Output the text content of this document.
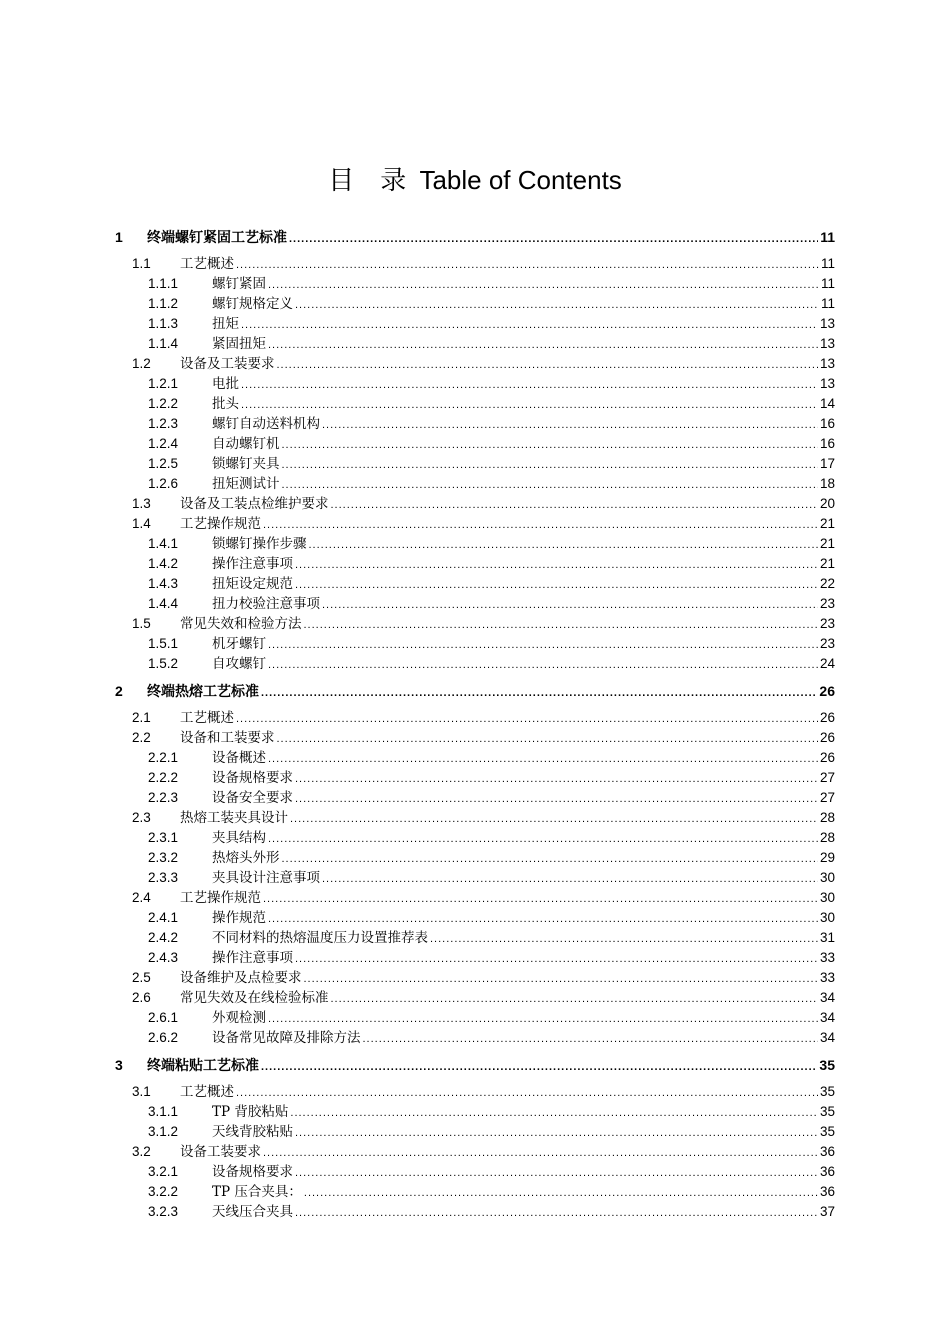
目　录 Table of Contents
1	终端螺钉紧固工艺标准 .....	11
1.1	工艺概述 .....	11
1.1.1	螺钉紧固 .....	11
1.1.2	螺钉规格定义 .....	11
1.1.3	扭矩 .....	13
1.1.4	紧固扭矩 .....	13
1.2	设备及工装要求 .....	13
1.2.1	电批 .....	13
1.2.2	批头 .....	14
1.2.3	螺钉自动送料机构 .....	16
1.2.4	自动螺钉机 .....	16
1.2.5	锁螺钉夹具 .....	17
1.2.6	扭矩测试计 .....	18
1.3	设备及工装点检维护要求 .....	20
1.4	工艺操作规范 .....	21
1.4.1	锁螺钉操作步骤 .....	21
1.4.2	操作注意事项 .....	21
1.4.3	扭矩设定规范 .....	22
1.4.4	扭力校验注意事项 .....	23
1.5	常见失效和检验方法 .....	23
1.5.1	机牙螺钉 .....	23
1.5.2	自攻螺钉 .....	24
2	终端热熔工艺标准 .....	26
2.1	工艺概述 .....	26
2.2	设备和工装要求 .....	26
2.2.1	设备概述 .....	26
2.2.2	设备规格要求 .....	27
2.2.3	设备安全要求 .....	27
2.3	热熔工装夹具设计 .....	28
2.3.1	夹具结构 .....	28
2.3.2	热熔头外形 .....	29
2.3.3	夹具设计注意事项 .....	30
2.4	工艺操作规范 .....	30
2.4.1	操作规范 .....	30
2.4.2	不同材料的热熔温度压力设置推荐表 .....	31
2.4.3	操作注意事项 .....	33
2.5	设备维护及点检要求 .....	33
2.6	常见失效及在线检验标准 .....	34
2.6.1	外观检测 .....	34
2.6.2	设备常见故障及排除方法 .....	34
3	终端粘贴工艺标准 .....	35
3.1	工艺概述 .....	35
3.1.1	TP 背胶粘贴 .....	35
3.1.2	天线背胶粘贴 .....	35
3.2	设备工装要求 .....	36
3.2.1	设备规格要求 .....	36
3.2.2	TP 压合夹具： .....	36
3.2.3	天线压合夹具 .....	37
